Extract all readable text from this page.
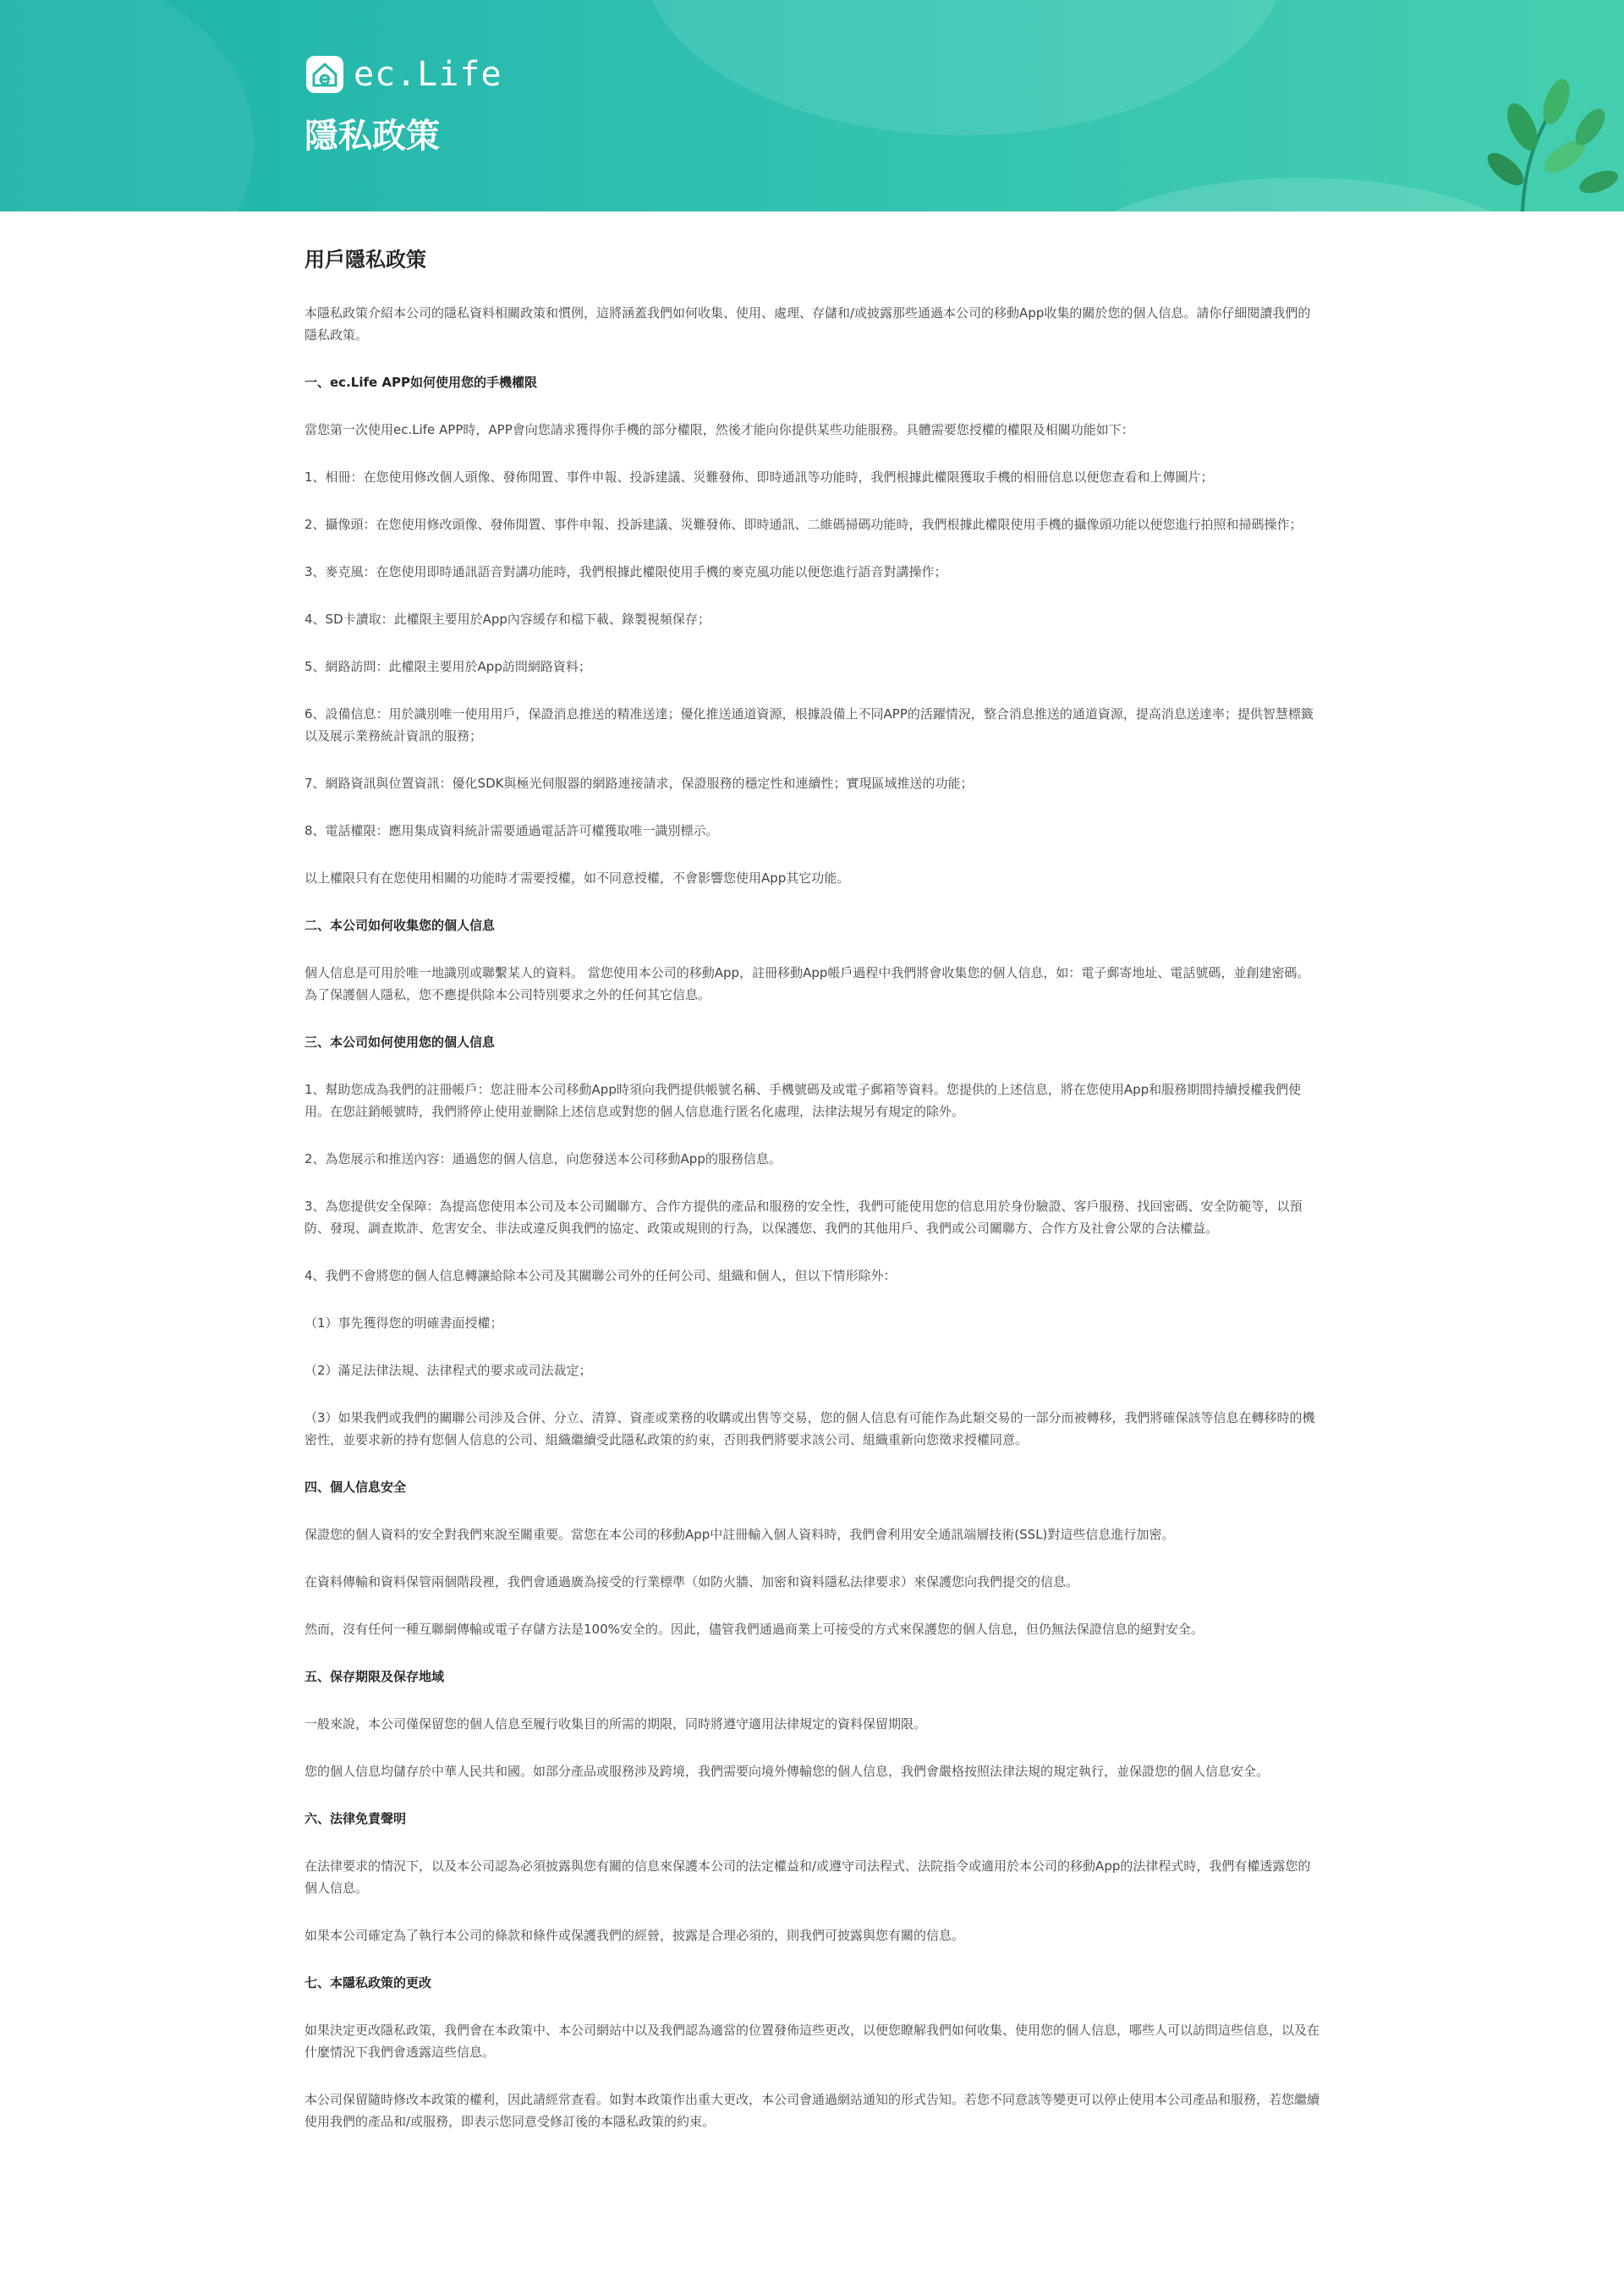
ec.Life
隱私政策
用戶隱私政策

本隱私政策介紹本公司的隱私資料相關政策和慣例，這將涵蓋我們如何收集、使用、處理、存儲和/或披露那些通過本公司的移動App收集的關於您的個人信息。請你仔細閱讀我們的隱私政策。

一、ec.Life APP如何使用您的手機權限

當您第一次使用ec.Life APP時，APP會向您請求獲得你手機的部分權限，然後才能向你提供某些功能服務。具體需要您授權的權限及相關功能如下：

1、相冊：在您使用修改個人頭像、發佈閒置、事件申報、投訴建議、災難發佈、即時通訊等功能時，我們根據此權限獲取手機的相冊信息以便您查看和上傳圖片；

2、攝像頭：在您使用修改頭像、發佈閒置、事件申報、投訴建議、災難發佈、即時通訊、二維碼掃碼功能時，我們根據此權限使用手機的攝像頭功能以便您進行拍照和掃碼操作；

3、麥克風：在您使用即時通訊語音對講功能時，我們根據此權限使用手機的麥克風功能以便您進行語音對講操作；

4、SD卡讀取：此權限主要用於App內容緩存和檔下載、錄製視頻保存；

5、網路訪問：此權限主要用於App訪問網路資料；

6、設備信息：用於識別唯一使用用戶，保證消息推送的精准送達；優化推送通道資源，根據設備上不同APP的活躍情況，整合消息推送的通道資源，提高消息送達率；提供智慧標籤以及展示業務統計資訊的服務；

7、網路資訊與位置資訊：優化SDK與極光伺服器的網路連接請求，保證服務的穩定性和連續性；實現區域推送的功能；

8、電話權限：應用集成資料統計需要通過電話許可權獲取唯一識別標示。

以上權限只有在您使用相關的功能時才需要授權，如不同意授權，不會影響您使用App其它功能。

二、本公司如何收集您的個人信息

個人信息是可用於唯一地識別或聯繫某人的資料。 當您使用本公司的移動App，註冊移動App帳戶過程中我們將會收集您的個人信息，如：電子郵寄地址、電話號碼，並創建密碼。為了保護個人隱私，您不應提供除本公司特別要求之外的任何其它信息。

三、本公司如何使用您的個人信息

1、幫助您成為我們的註冊帳戶：您註冊本公司移動App時須向我們提供帳號名稱、手機號碼及或電子郵箱等資料。您提供的上述信息，將在您使用App和服務期間持續授權我們使用。在您註銷帳號時，我們將停止使用並刪除上述信息或對您的個人信息進行匿名化處理，法律法規另有規定的除外。

2、為您展示和推送內容：通過您的個人信息，向您發送本公司移動App的服務信息。

3、為您提供安全保障：為提高您使用本公司及本公司關聯方、合作方提供的產品和服務的安全性，我們可能使用您的信息用於身份驗證、客戶服務、找回密碼、安全防範等，以預防、發現、調查欺詐、危害安全、非法或違反與我們的協定、政策或規則的行為，以保護您、我們的其他用戶、我們或公司關聯方、合作方及社會公眾的合法權益。

4、我們不會將您的個人信息轉讓給除本公司及其關聯公司外的任何公司、組織和個人，但以下情形除外：

（1）事先獲得您的明確書面授權；

（2）滿足法律法規、法律程式的要求或司法裁定；

（3）如果我們或我們的關聯公司涉及合併、分立、清算、資產或業務的收購或出售等交易，您的個人信息有可能作為此類交易的一部分而被轉移，我們將確保該等信息在轉移時的機密性，並要求新的持有您個人信息的公司、組織繼續受此隱私政策的約束，否則我們將要求該公司、組織重新向您徵求授權同意。

四、個人信息安全

保證您的個人資料的安全對我們來說至關重要。當您在本公司的移動App中註冊輸入個人資料時，我們會利用安全通訊端層技術(SSL)對這些信息進行加密。

在資料傳輸和資料保管兩個階段裡，我們會通過廣為接受的行業標準（如防火牆、加密和資料隱私法律要求）來保護您向我們提交的信息。

然而，沒有任何一種互聯網傳輸或電子存儲方法是100%安全的。因此，儘管我們通過商業上可接受的方式來保護您的個人信息，但仍無法保證信息的絕對安全。

五、保存期限及保存地域

一般來說，本公司僅保留您的個人信息至履行收集目的所需的期限，同時將遵守適用法律規定的資料保留期限。

您的個人信息均儲存於中華人民共和國。如部分產品或服務涉及跨境，我們需要向境外傳輸您的個人信息，我們會嚴格按照法律法規的規定執行，並保證您的個人信息安全。

六、法律免責聲明

在法律要求的情況下，以及本公司認為必須披露與您有關的信息來保護本公司的法定權益和/或遵守司法程式、法院指令或適用於本公司的移動App的法律程式時，我們有權透露您的個人信息。

如果本公司確定為了執行本公司的條款和條件或保護我們的經營，披露是合理必須的，則我們可披露與您有關的信息。

七、本隱私政策的更改

如果決定更改隱私政策，我們會在本政策中、本公司網站中以及我們認為適當的位置發佈這些更改，以便您瞭解我們如何收集、使用您的個人信息，哪些人可以訪問這些信息，以及在什麼情況下我們會透露這些信息。

本公司保留隨時修改本政策的權利，因此請經常查看。如對本政策作出重大更改，本公司會通過網站通知的形式告知。若您不同意該等變更可以停止使用本公司產品和服務，若您繼續使用我們的產品和/或服務，即表示您同意受修訂後的本隱私政策的約束。
